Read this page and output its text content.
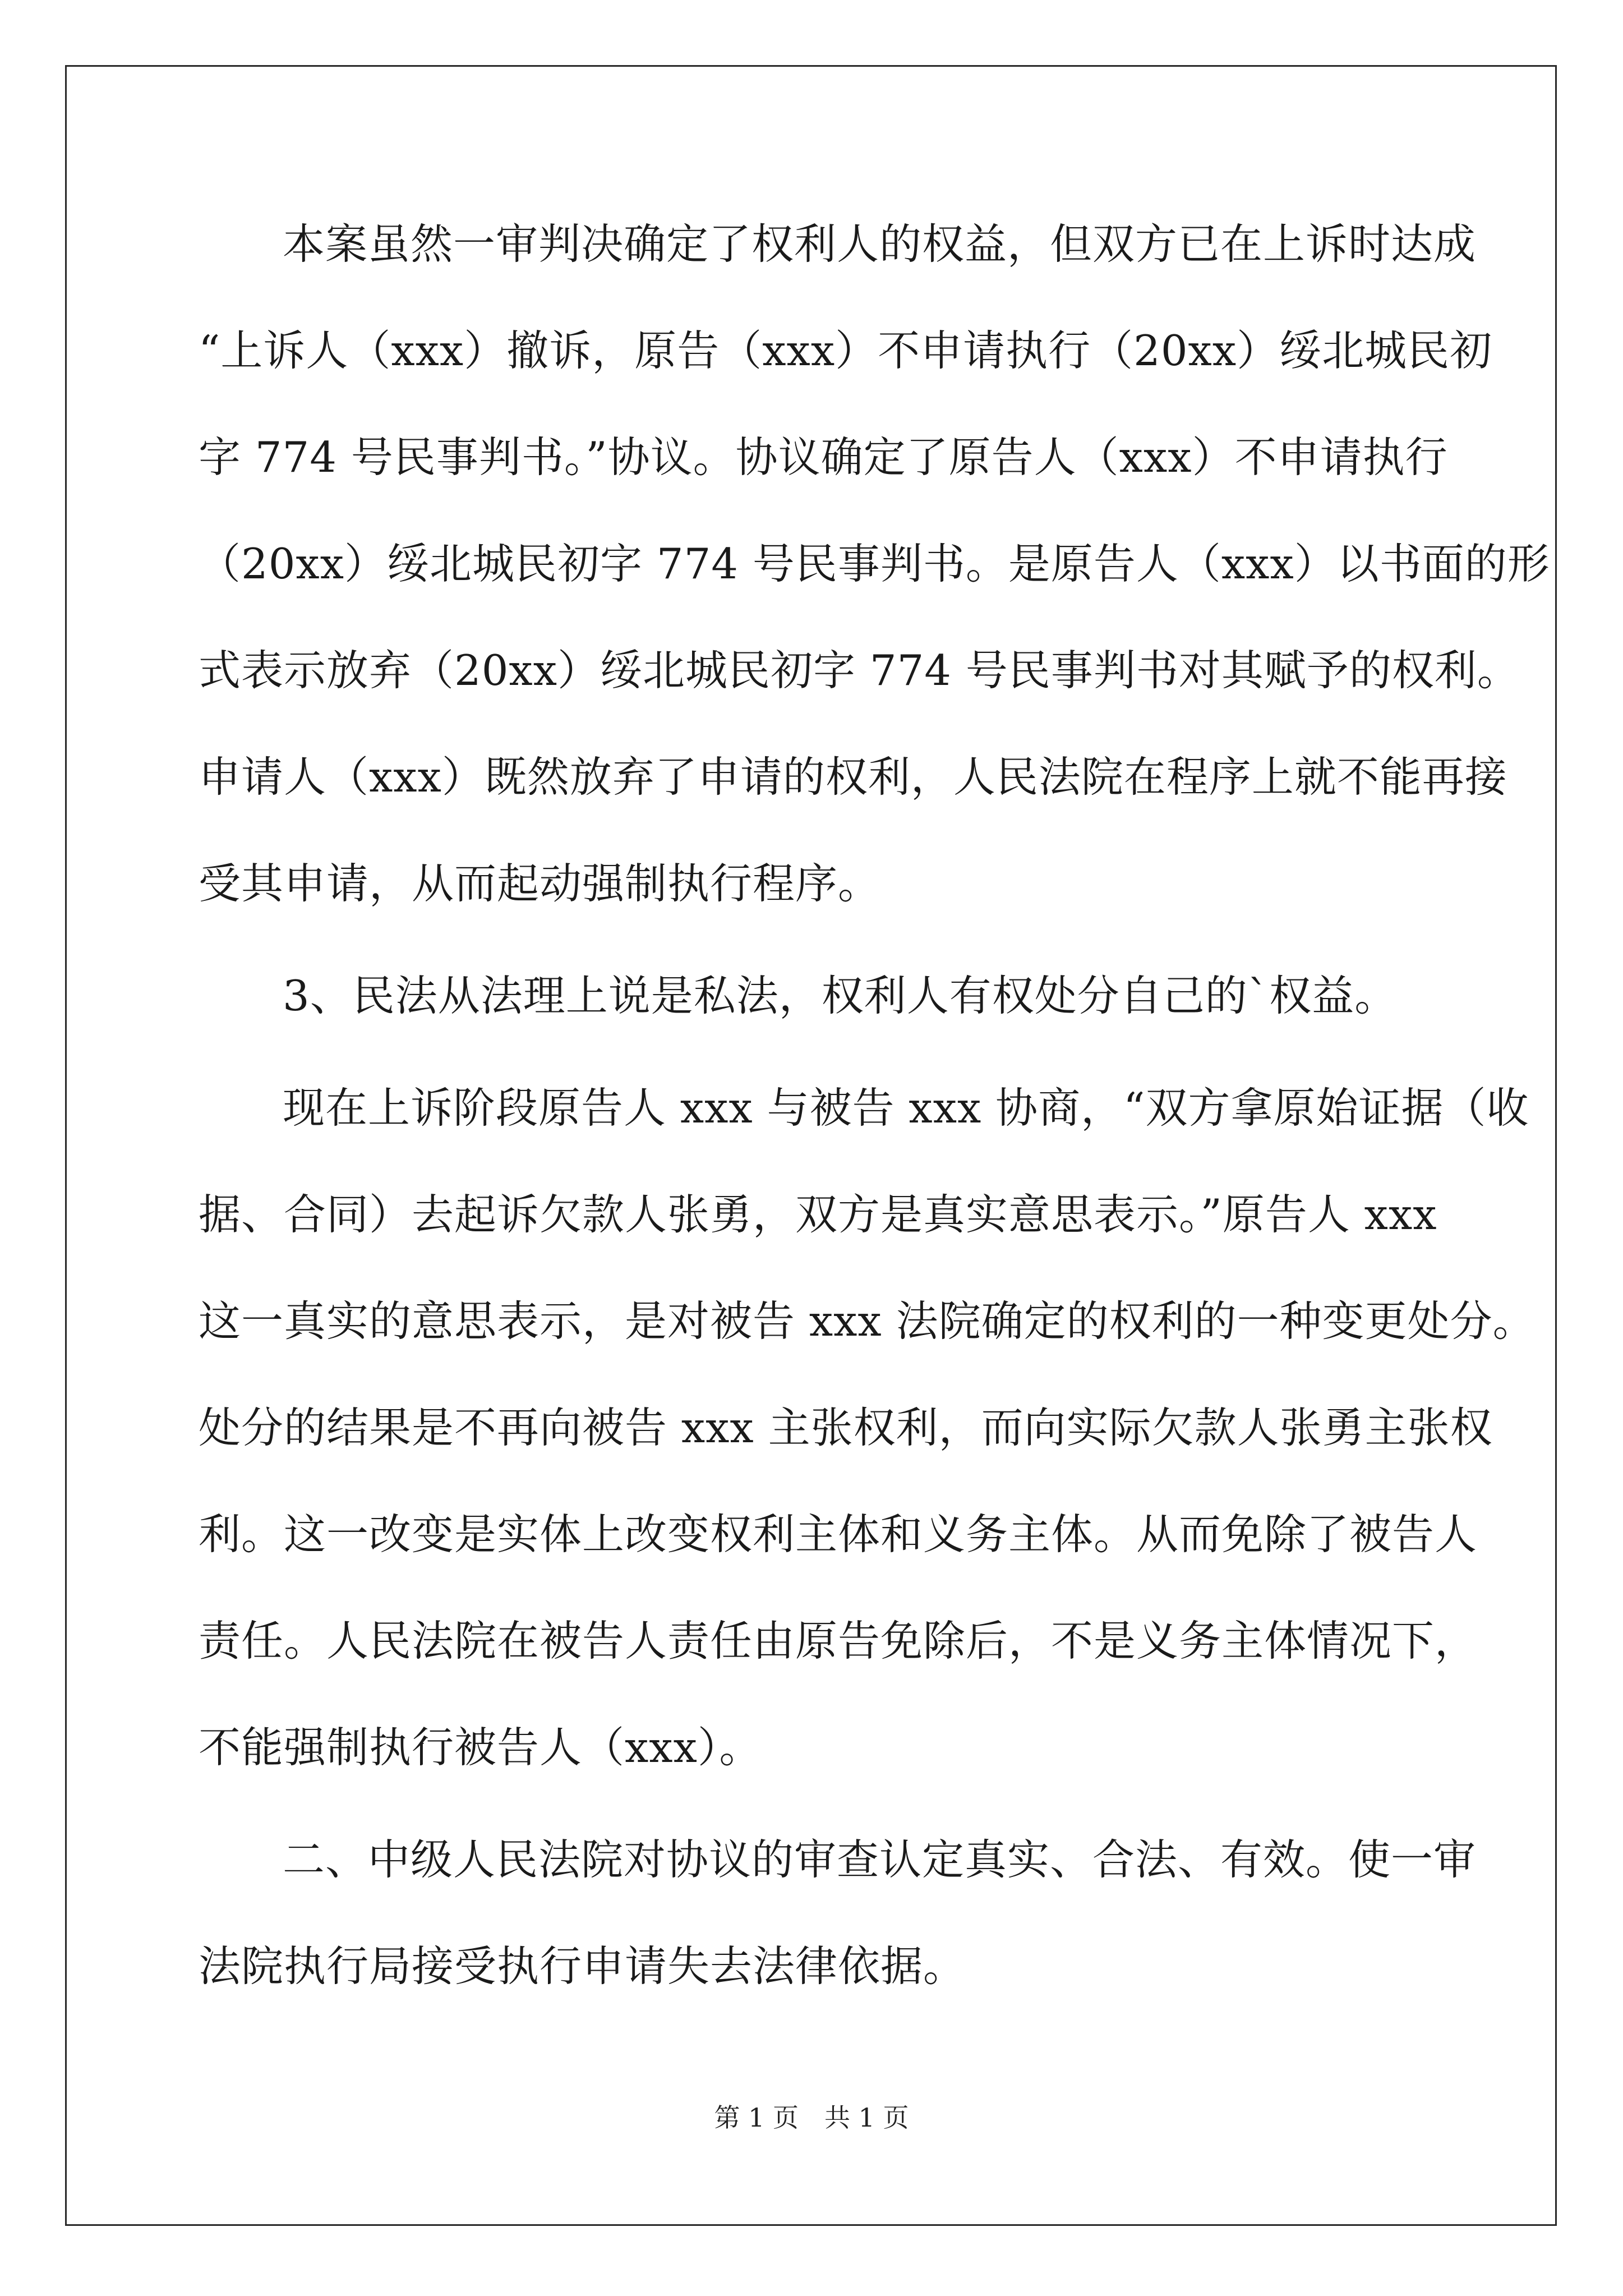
本案虽然一审判决确定了权利人的权益，但双方已在上诉时达成
“上诉人（xxx）撤诉，原告（xxx）不申请执行（20xx）绥北城民初
字 774 号民事判书。”协议。协议确定了原告人（xxx）不申请执行
（20xx）绥北城民初字 774 号民事判书。是原告人（xxx）以书面的形
式表示放弃（20xx）绥北城民初字 774 号民事判书对其赋予的权利。
申请人（xxx）既然放弃了申请的权利，人民法院在程序上就不能再接
受其申请，从而起动强制执行程序。
3、民法从法理上说是私法，权利人有权处分自己的`权益。
现在上诉阶段原告人 xxx 与被告 xxx 协商，“双方拿原始证据（收
据、合同）去起诉欠款人张勇，双方是真实意思表示。”原告人 xxx
这一真实的意思表示，是对被告 xxx 法院确定的权利的一种变更处分。
处分的结果是不再向被告 xxx 主张权利，而向实际欠款人张勇主张权
利。这一改变是实体上改变权利主体和义务主体。从而免除了被告人
责任。人民法院在被告人责任由原告免除后，不是义务主体情况下，
不能强制执行被告人（xxx）。
二、中级人民法院对协议的审查认定真实、合法、有效。使一审
法院执行局接受执行申请失去法律依据。
第 1 页　共 1 页
